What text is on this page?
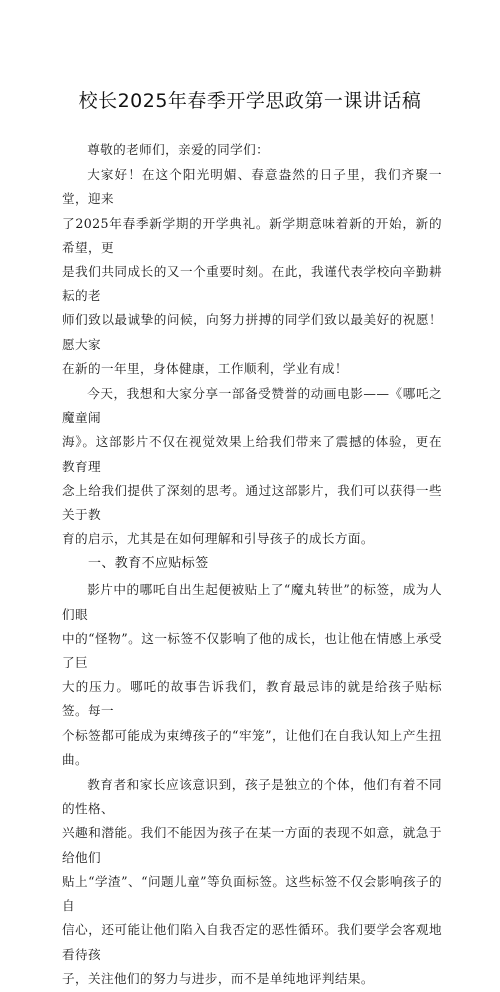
校长2025年春季开学思政第一课讲话稿

尊敬的老师们，亲爱的同学们：

大家好！在这个阳光明媚、春意盎然的日子里，我们齐聚一堂，迎来
了2025年春季新学期的开学典礼。新学期意味着新的开始，新的希望，更
是我们共同成长的又一个重要时刻。在此，我谨代表学校向辛勤耕耘的老
师们致以最诚挚的问候，向努力拼搏的同学们致以最美好的祝愿！愿大家
在新的一年里，身体健康，工作顺利，学业有成！

今天，我想和大家分享一部备受赞誉的动画电影——《哪吒之魔童闹
海》。这部影片不仅在视觉效果上给我们带来了震撼的体验，更在教育理
念上给我们提供了深刻的思考。通过这部影片，我们可以获得一些关于教
育的启示，尤其是在如何理解和引导孩子的成长方面。

一、教育不应贴标签

影片中的哪吒自出生起便被贴上了“魔丸转世”的标签，成为人们眼
中的“怪物”。这一标签不仅影响了他的成长，也让他在情感上承受了巨
大的压力。哪吒的故事告诉我们，教育最忌讳的就是给孩子贴标签。每一
个标签都可能成为束缚孩子的“牢笼”，让他们在自我认知上产生扭曲。

教育者和家长应该意识到，孩子是独立的个体，他们有着不同的性格、
兴趣和潜能。我们不能因为孩子在某一方面的表现不如意，就急于给他们
贴上“学渣”、“问题儿童”等负面标签。这些标签不仅会影响孩子的自
信心，还可能让他们陷入自我否定的恶性循环。我们要学会客观地看待孩
子，关注他们的努力与进步，而不是单纯地评判结果。
